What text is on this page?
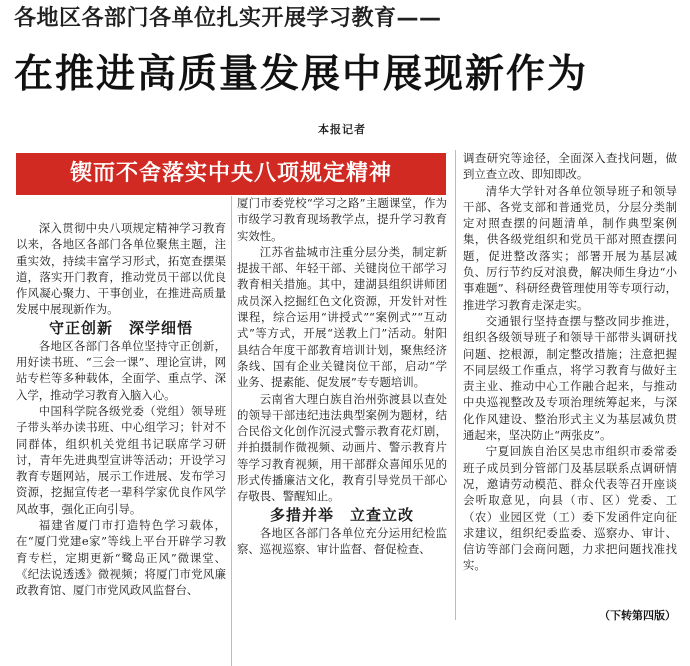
各地区各部门各单位扎实开展学习教育——
在推进高质量发展中展现新作为
本报记者
锲而不舍落实中央八项规定精神

深入贯彻中央八项规定精神学习教育以来，各地区各部门各单位聚焦主题，注重实效，持续丰富学习形式，拓宽查摆渠道，落实开门教育，推动党员干部以优良作风凝心聚力、干事创业，在推进高质量发展中展现新作为。

守正创新　深学细悟

各地区各部门各单位坚持守正创新，用好读书班、“三会一课”、理论宣讲，网站专栏等多种载体，全面学、重点学、深入学，推动学习教育入脑入心。

中国科学院各级党委（党组）领导班子带头举办读书班、中心组学习；针对不同群体，组织机关党组书记联席学习研讨，青年先进典型宣讲等活动；开设学习教育专题网站，展示工作进展、发布学习资源，挖掘宣传老一辈科学家优良作风学风故事，强化正向引导。

福建省厦门市打造特色学习载体，在“厦门党建e家”等线上平台开辟学习教育专栏，定期更新“鹭岛正风”微课堂、《纪法说透透》微视频；将厦门市党风廉政教育馆、厦门市党风政风监督台、

厦门市委党校“学习之路”主题课堂，作为市级学习教育现场教学点，提升学习教育实效性。

江苏省盐城市注重分层分类，制定新提拔干部、年轻干部、关键岗位干部学习教育相关措施。其中，建湖县组织讲师团成员深入挖掘红色文化资源，开发针对性课程，综合运用“讲授式”“案例式”“互动式”等方式，开展“送教上门”活动。射阳县结合年度干部教育培训计划，聚焦经济条线、国有企业关键岗位干部，启动“学业务、提素能、促发展”专专题培训。

云南省大理白族自治州弥渡县以查处的领导干部违纪违法典型案例为题材，结合民俗文化创作沉浸式警示教育花灯剧，并拍摄制作微视频、动画片、警示教育片等学习教育视频，用干部群众喜闻乐见的形式传播廉洁文化，教育引导党员干部心存敬畏、警醒知止。

多措并举　立查立改

各地区各部门各单位充分运用纪检监察、巡视巡察、审计监督、督促检查、

调查研究等途径，全面深入查找问题，做到立查立改、即知即改。

清华大学针对各单位领导班子和领导干部、各党支部和普通党员，分层分类制定对照查摆的问题清单，制作典型案例集，供各级党组织和党员干部对照查摆问题，促进整改落实；部署开展为基层减负、厉行节约反对浪费，解决师生身边“小事难题”、科研经费管理使用等专项行动，推进学习教育走深走实。

交通银行坚持查摆与整改同步推进，组织各级领导班子和领导干部带头调研找问题、挖根源，制定整改措施；注意把握不同层级工作重点，将学习教育与做好主责主业、推动中心工作融合起来，与推动中央巡视整改及专项治理统筹起来，与深化作风建设、整治形式主义为基层减负贯通起来，坚决防止“两张皮”。

宁夏回族自治区吴忠市组织市委常委班子成员到分管部门及基层联系点调研情况，邀请劳动模范、群众代表等召开座谈会听取意见，向县（市、区）党委、工（农）业园区党（工）委下发函件定向征求建议，组织纪委监委、巡察办、审计、信访等部门会商问题，力求把问题找准找实。

（下转第四版）
